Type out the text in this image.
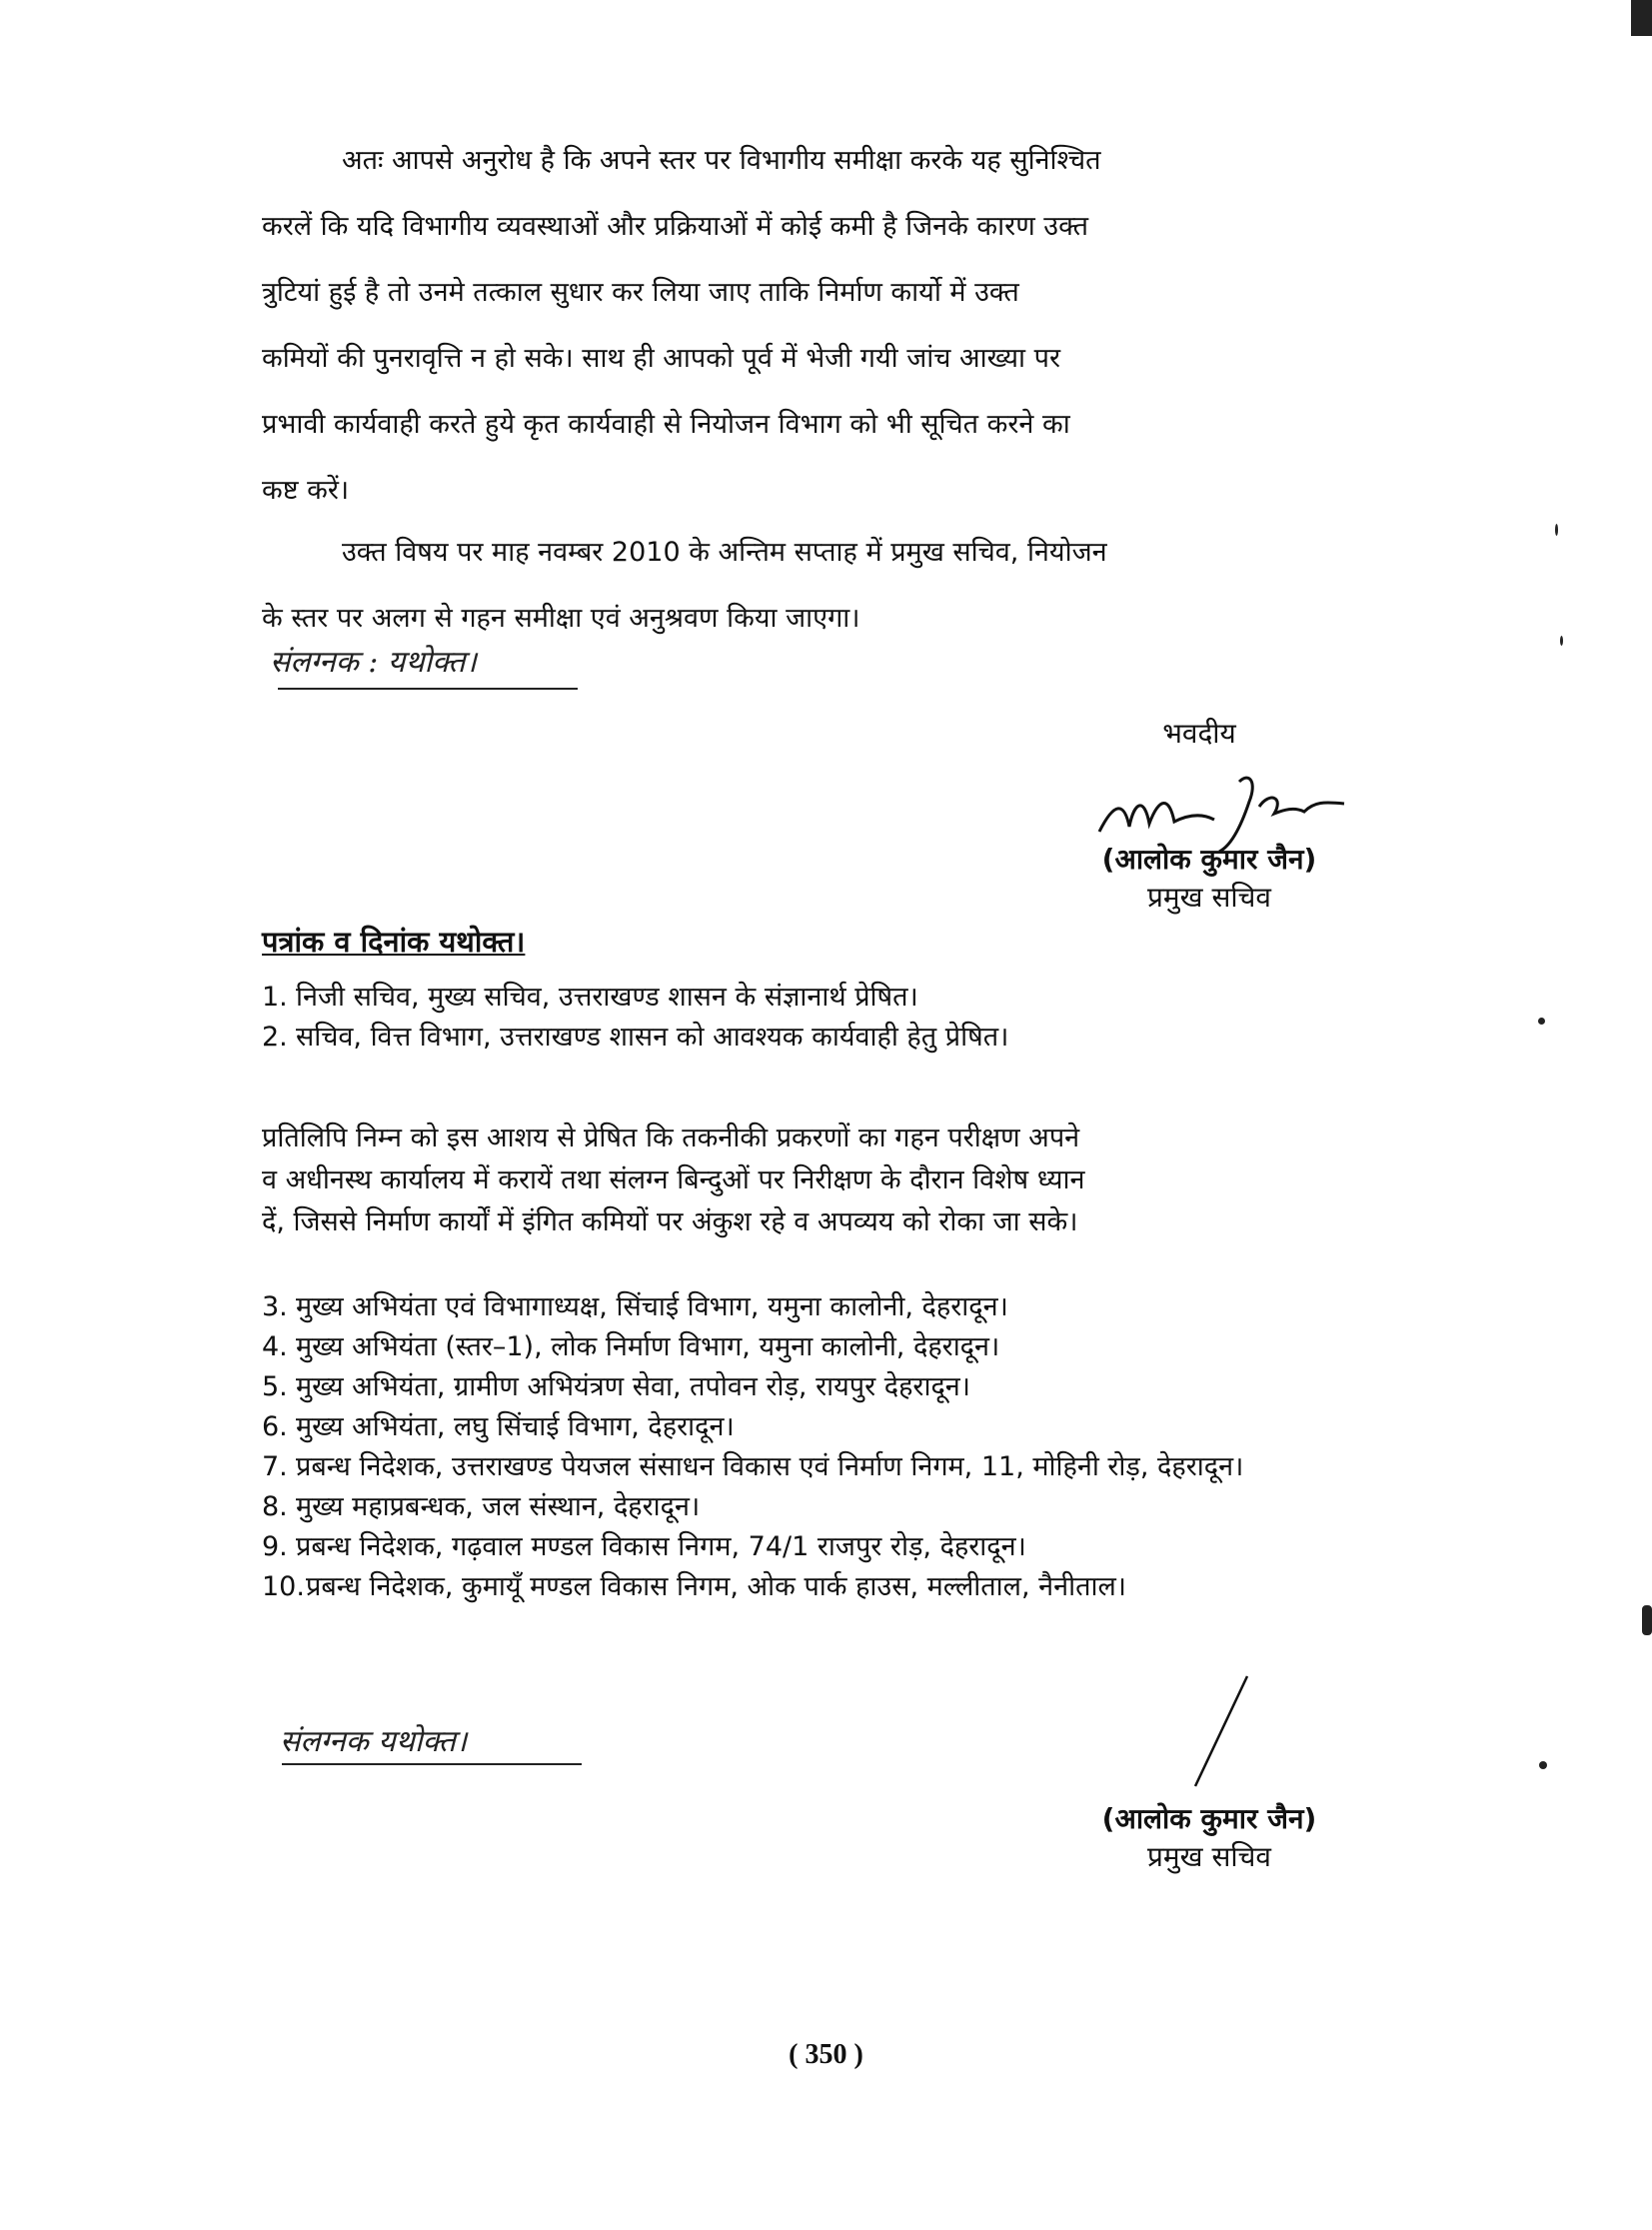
अतः आपसे अनुरोध है कि अपने स्तर पर विभागीय समीक्षा करके यह सुनिश्चित
करलें कि यदि विभागीय व्यवस्थाओं और प्रक्रियाओं में कोई कमी है जिनके कारण उक्त
त्रुटियां हुई है तो उनमे तत्काल सुधार कर लिया जाए ताकि निर्माण कार्यो में उक्त
कमियों की पुनरावृत्ति न हो सके। साथ ही आपको पूर्व में भेजी गयी जांच आख्या पर
प्रभावी कार्यवाही करते हुये कृत कार्यवाही से नियोजन विभाग को भी सूचित करने का
कष्ट करें।
उक्त विषय पर माह नवम्बर 2010 के अन्तिम सप्ताह में प्रमुख सचिव, नियोजन
के स्तर पर अलग से गहन समीक्षा एवं अनुश्रवण किया जाएगा।
संलग्नक : यथोक्त।
भवदीय
(आलोक कुमार जैन)
प्रमुख सचिव
पत्रांक व दिनांक यथोक्त।
1. निजी सचिव, मुख्य सचिव, उत्तराखण्ड शासन के संज्ञानार्थ प्रेषित।
2. सचिव, वित्त विभाग, उत्तराखण्ड शासन को आवश्यक कार्यवाही हेतु प्रेषित।
प्रतिलिपि निम्न को इस आशय से प्रेषित कि तकनीकी प्रकरणों का गहन परीक्षण अपने
व अधीनस्थ कार्यालय में करायें तथा संलग्न बिन्दुओं पर निरीक्षण के दौरान विशेष ध्यान
दें, जिससे निर्माण कार्यों में इंगित कमियों पर अंकुश रहे व अपव्यय को रोका जा सके।
3. मुख्य अभियंता एवं विभागाध्यक्ष, सिंचाई विभाग, यमुना कालोनी, देहरादून।
4. मुख्य अभियंता (स्तर–1), लोक निर्माण विभाग, यमुना कालोनी, देहरादून।
5. मुख्य अभियंता, ग्रामीण अभियंत्रण सेवा, तपोवन रोड़, रायपुर देहरादून।
6. मुख्य अभियंता, लघु सिंचाई विभाग, देहरादून।
7. प्रबन्ध निदेशक, उत्तराखण्ड पेयजल संसाधन विकास एवं निर्माण निगम, 11, मोहिनी रोड़, देहरादून।
8. मुख्य महाप्रबन्धक, जल संस्थान, देहरादून।
9. प्रबन्ध निदेशक, गढ़वाल मण्डल विकास निगम, 74/1 राजपुर रोड़, देहरादून।
10. प्रबन्ध निदेशक, कुमायूँ मण्डल विकास निगम, ओक पार्क हाउस, मल्लीताल, नैनीताल।
संलग्नक यथोक्त।
(आलोक कुमार जैन)
प्रमुख सचिव
( 350 )
